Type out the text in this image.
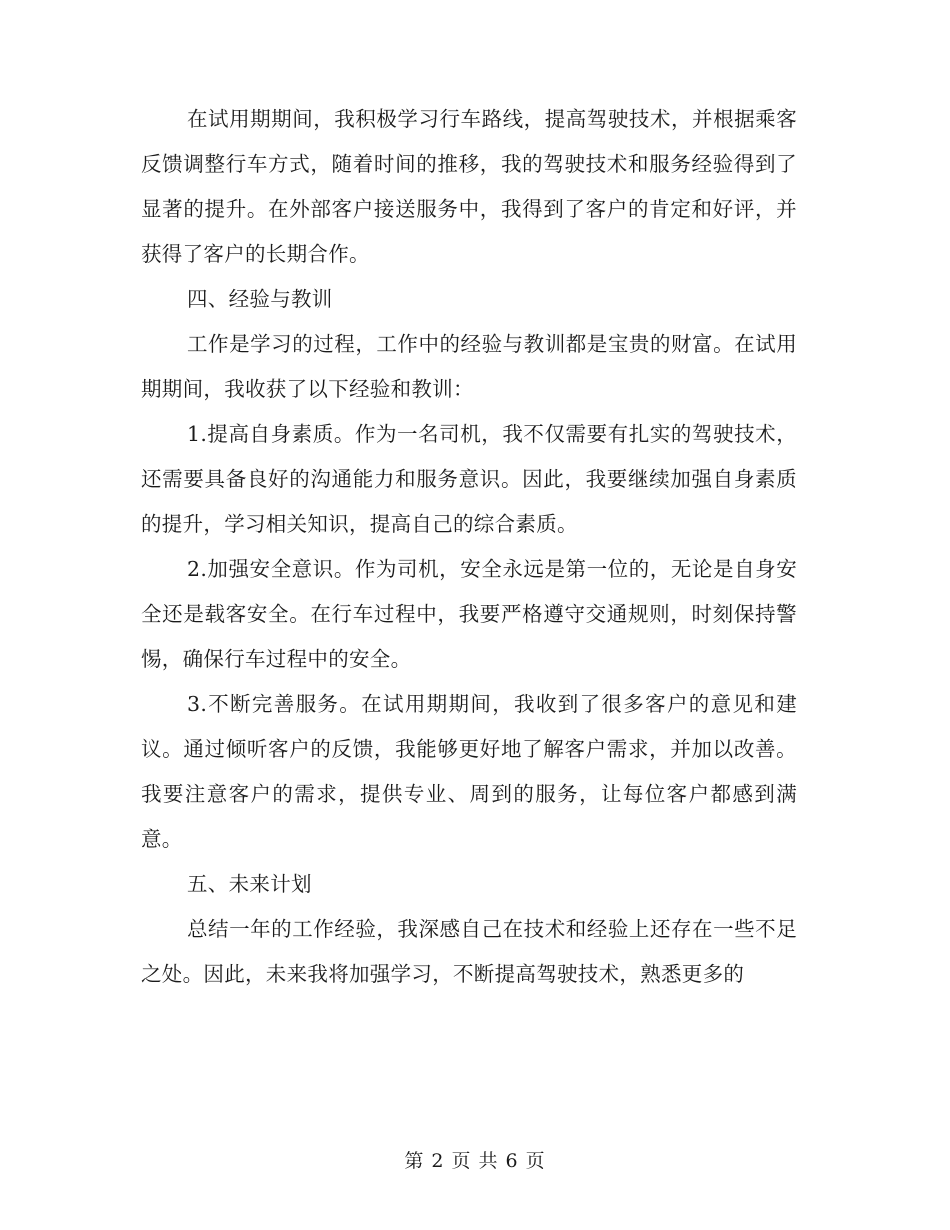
在试用期期间，我积极学习行车路线，提高驾驶技术，并根据乘客反馈调整行车方式，随着时间的推移，我的驾驶技术和服务经验得到了显著的提升。在外部客户接送服务中，我得到了客户的肯定和好评，并获得了客户的长期合作。

四、经验与教训

工作是学习的过程，工作中的经验与教训都是宝贵的财富。在试用期期间，我收获了以下经验和教训：

1.提高自身素质。作为一名司机，我不仅需要有扎实的驾驶技术，还需要具备良好的沟通能力和服务意识。因此，我要继续加强自身素质的提升，学习相关知识，提高自己的综合素质。

2.加强安全意识。作为司机，安全永远是第一位的，无论是自身安全还是载客安全。在行车过程中，我要严格遵守交通规则，时刻保持警惕，确保行车过程中的安全。

3.不断完善服务。在试用期期间，我收到了很多客户的意见和建议。通过倾听客户的反馈，我能够更好地了解客户需求，并加以改善。我要注意客户的需求，提供专业、周到的服务，让每位客户都感到满意。

五、未来计划

总结一年的工作经验，我深感自己在技术和经验上还存在一些不足之处。因此，未来我将加强学习，不断提高驾驶技术，熟悉更多的

第 2 页 共 6 页
